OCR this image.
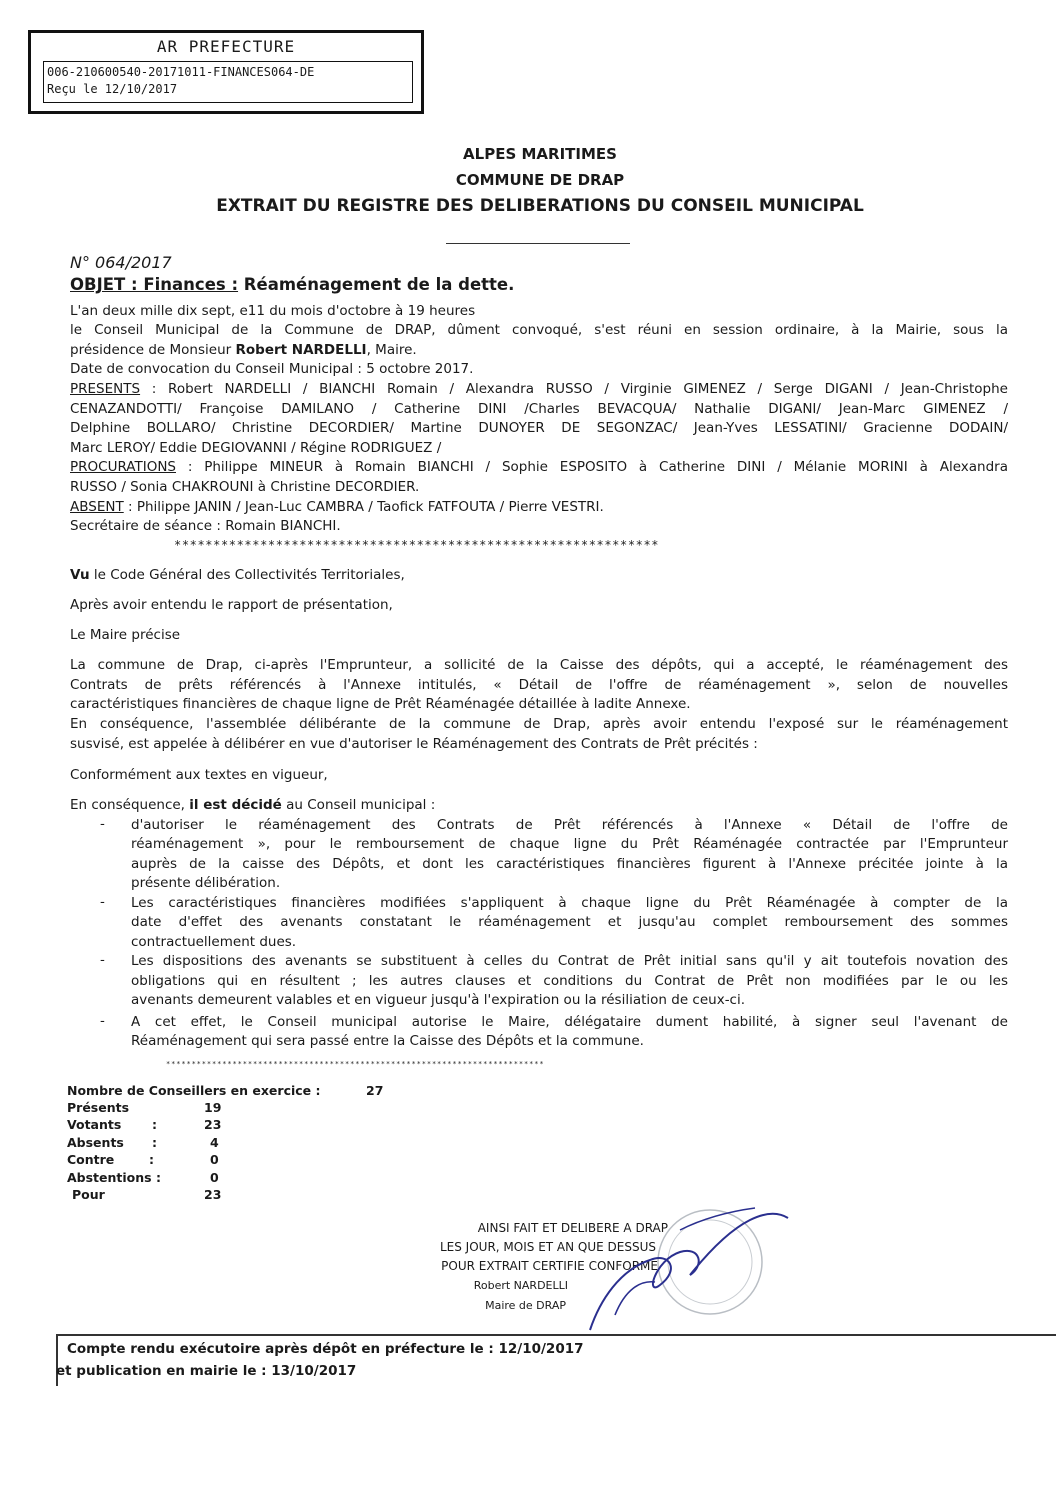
AR PREFECTURE
006-210600540-20171011-FINANCES064-DE
Reçu le 12/10/2017
ALPES MARITIMES
COMMUNE DE DRAP
EXTRAIT DU REGISTRE DES DELIBERATIONS DU CONSEIL MUNICIPAL
N° 064/2017
OBJET : Finances : Réaménagement de la dette.
L'an deux mille dix sept, e11 du mois d'octobre à 19 heures
le Conseil Municipal de la Commune de DRAP, dûment convoqué, s'est réuni en session ordinaire, à la Mairie, sous la
présidence de Monsieur Robert NARDELLI, Maire.
Date de convocation du Conseil Municipal : 5 octobre 2017.
PRESENTS : Robert NARDELLI / BIANCHI Romain / Alexandra RUSSO / Virginie GIMENEZ / Serge DIGANI / Jean-Christophe
CENAZANDOTTI/ Françoise DAMILANO / Catherine DINI /Charles BEVACQUA/ Nathalie DIGANI/ Jean-Marc GIMENEZ /
Delphine BOLLARO/ Christine DECORDIER/ Martine DUNOYER DE SEGONZAC/ Jean-Yves LESSATINI/ Gracienne DODAIN/
Marc LEROY/ Eddie DEGIOVANNI / Régine RODRIGUEZ /
PROCURATIONS : Philippe MINEUR à Romain BIANCHI / Sophie ESPOSITO à Catherine DINI / Mélanie MORINI à Alexandra
RUSSO / Sonia CHAKROUNI à Christine DECORDIER.
ABSENT : Philippe JANIN / Jean-Luc CAMBRA / Taofick FATFOUTA / Pierre VESTRI.
Secrétaire de séance : Romain BIANCHI.
**************************************************************
Vu le Code Général des Collectivités Territoriales,
Après avoir entendu le rapport de présentation,
Le Maire précise
La commune de Drap, ci-après l'Emprunteur, a sollicité de la Caisse des dépôts, qui a accepté, le réaménagement des
Contrats de prêts référencés à l'Annexe intitulés, « Détail de l'offre de réaménagement », selon de nouvelles
caractéristiques financières de chaque ligne de Prêt Réaménagée détaillée à ladite Annexe.
En conséquence, l'assemblée délibérante de la commune de Drap, après avoir entendu l'exposé sur le réaménagement
susvisé, est appelée à délibérer en vue d'autoriser le Réaménagement des Contrats de Prêt précités :
Conformément aux textes en vigueur,
En conséquence, il est décidé au Conseil municipal :
- d'autoriser le réaménagement des Contrats de Prêt référencés à l'Annexe « Détail de l'offre de
réaménagement », pour le remboursement de chaque ligne du Prêt Réaménagée contractée par l'Emprunteur
auprès de la caisse des Dépôts, et dont les caractéristiques financières figurent à l'Annexe précitée jointe à la
présente délibération.
- Les caractéristiques financières modifiées s'appliquent à chaque ligne du Prêt Réaménagée à compter de la
date d'effet des avenants constatant le réaménagement et jusqu'au complet remboursement des sommes
contractuellement dues.
- Les dispositions des avenants se substituent à celles du Contrat de Prêt initial sans qu'il y ait toutefois novation des
obligations qui en résultent ; les autres clauses et conditions du Contrat de Prêt non modifiées par le ou les
avenants demeurent valables et en vigueur jusqu'à l'expiration ou la résiliation de ceux-ci.
- A cet effet, le Conseil municipal autorise le Maire, délégataire dument habilité, à signer seul l'avenant de
Réaménagement qui sera passé entre la Caisse des Dépôts et la commune.
**************************************************************************
Nombre de Conseillers en exercice :	27
Présents	19
Votants :	23
Absents :	4
Contre	:	0
Abstentions :	0
Pour	23
AINSI FAIT ET DELIBERE A DRAP
LES JOUR, MOIS ET AN QUE DESSUS
POUR EXTRAIT CERTIFIE CONFORME
Robert NARDELLI
Maire de DRAP
Compte rendu exécutoire après dépôt en préfecture le : 12/10/2017
et publication en mairie le : 13/10/2017
